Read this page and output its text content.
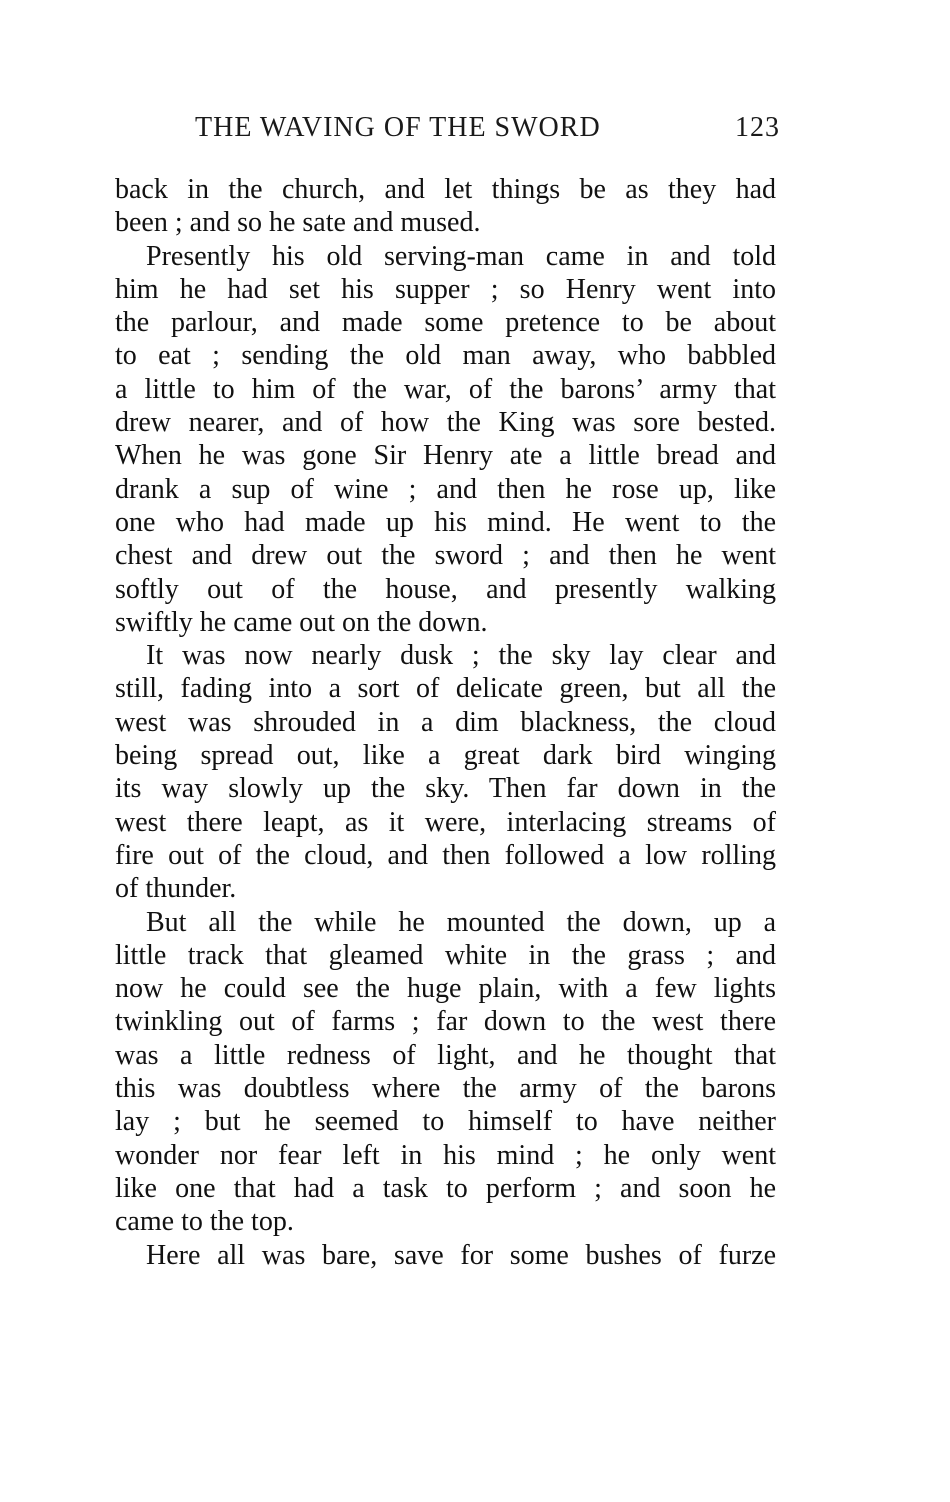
THE WAVING OF THE SWORD	123
back in the church, and let things be as they had
been ; and so he sate and mused.
Presently his old serving-man came in and told
him he had set his supper ; so Henry went into
the parlour, and made some pretence to be about
to eat ; sending the old man away, who babbled
a little to him of the war, of the barons’ army that
drew nearer, and of how the King was sore bested.
When he was gone Sir Henry ate a little bread and
drank a sup of wine ; and then he rose up, like
one who had made up his mind. He went to the
chest and drew out the sword ; and then he went
softly out of the house, and presently walking
swiftly he came out on the down.
It was now nearly dusk ; the sky lay clear and
still, fading into a sort of delicate green, but all the
west was shrouded in a dim blackness, the cloud
being spread out, like a great dark bird winging
its way slowly up the sky. Then far down in the
west there leapt, as it were, interlacing streams of
fire out of the cloud, and then followed a low rolling
of thunder.
But all the while he mounted the down, up a
little track that gleamed white in the grass ; and
now he could see the huge plain, with a few lights
twinkling out of farms ; far down to the west there
was a little redness of light, and he thought that
this was doubtless where the army of the barons
lay ; but he seemed to himself to have neither
wonder nor fear left in his mind ; he only went
like one that had a task to perform ; and soon he
came to the top.
Here all was bare, save for some bushes of furze
